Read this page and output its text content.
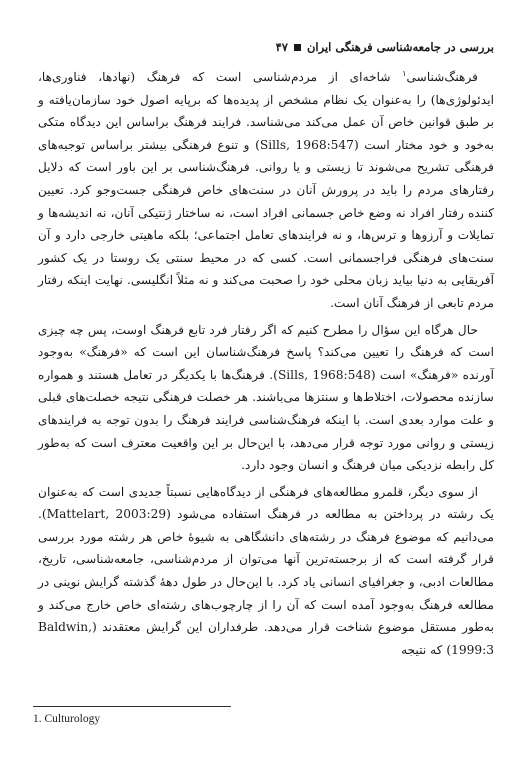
بررسی در جامعه‌شناسی فرهنگی ایران
۴۷

فرهنگ‌شناسی$^۱$ شاخه‌ای از مردم‌شناسی است که فرهنگ (نهادها، فناوری‌ها، ایدئولوژی‌ها) را به‌عنوان یک نظام مشخص از پدیده‌ها که برپایه اصول خود سازمان‌یافته و بر طبق قوانین خاص آن عمل می‌کند می‌شناسد. فرایند فرهنگ براساس این دیدگاه متکی به‌خود و خود مختار است (Sills, 1968:547) و تنوع فرهنگی بیشتر براساس توجیه‌های فرهنگی تشریح می‌شوند تا زیستی و یا روانی. فرهنگ‌شناسی بر این باور است که دلایل رفتارهای مردم را باید در پرورش آنان در سنت‌های خاص فرهنگی جست‌وجو کرد. تعیین کننده رفتار افراد نه وضع خاص جسمانی افراد است، نه ساختار ژنتیکی آنان، نه اندیشه‌ها و تمایلات و آرزوها و ترس‌ها، و نه فرایندهای تعامل اجتماعی؛ بلکه ماهیتی خارجی دارد و آن سنت‌های فرهنگی فراجسمانی است. کسی که در محیط سنتی یک روستا در یک کشور آفریقایی به دنیا بیاید زبان محلی خود را صحبت می‌کند و نه مثلاً انگلیسی. نهایت اینکه رفتار مردم تابعی از فرهنگ آنان است.

حال هرگاه این سؤال را مطرح کنیم که اگر رفتار فرد تابع فرهنگ اوست، پس چه چیزی است که فرهنگ را تعیین می‌کند؟ پاسخ فرهنگ‌شناسان این است که «فرهنگ» به‌وجود آورنده «فرهنگ» است (Sills, 1968:548). فرهنگ‌ها با یکدیگر در تعامل هستند و همواره سازنده محصولات، اختلاط‌ها و سنتزها می‌باشند. هر خصلت فرهنگی نتیجه خصلت‌های قبلی و علت موارد بعدی است. با اینکه فرهنگ‌شناسی فرایند فرهنگ را بدون توجه به فرایندهای زیستی و روانی مورد توجه قرار می‌دهد، با این‌حال بر این واقعیت معترف است که به‌طور کل رابطه نزدیکی میان فرهنگ و انسان وجود دارد.

از سوی دیگر، قلمرو مطالعه‌های فرهنگی از دیدگاه‌هایی نسبتاً جدیدی است که به‌عنوان یک رشته در پرداختن به مطالعه در فرهنگ استفاده می‌شود (Mattelart, 2003:29). می‌دانیم که موضوع فرهنگ در رشته‌های دانشگاهی به شیوهٔ خاص هر رشته مورد بررسی قرار گرفته است که از برجسته‌ترین آنها می‌توان از مردم‌شناسی، جامعه‌شناسی، تاریخ، مطالعات ادبی، و جغرافیای انسانی یاد کرد. با این‌حال در طول دههٔ گذشته گرایش نوینی در مطالعه فرهنگ به‌وجود آمده است که آن را از چارچوب‌های رشته‌ای خاص خارج می‌کند و به‌طور مستقل موضوع شناخت قرار می‌دهد. طرفداران این گرایش معتقدند (Baldwin, 1999:3) که نتیجه

1. Culturology
